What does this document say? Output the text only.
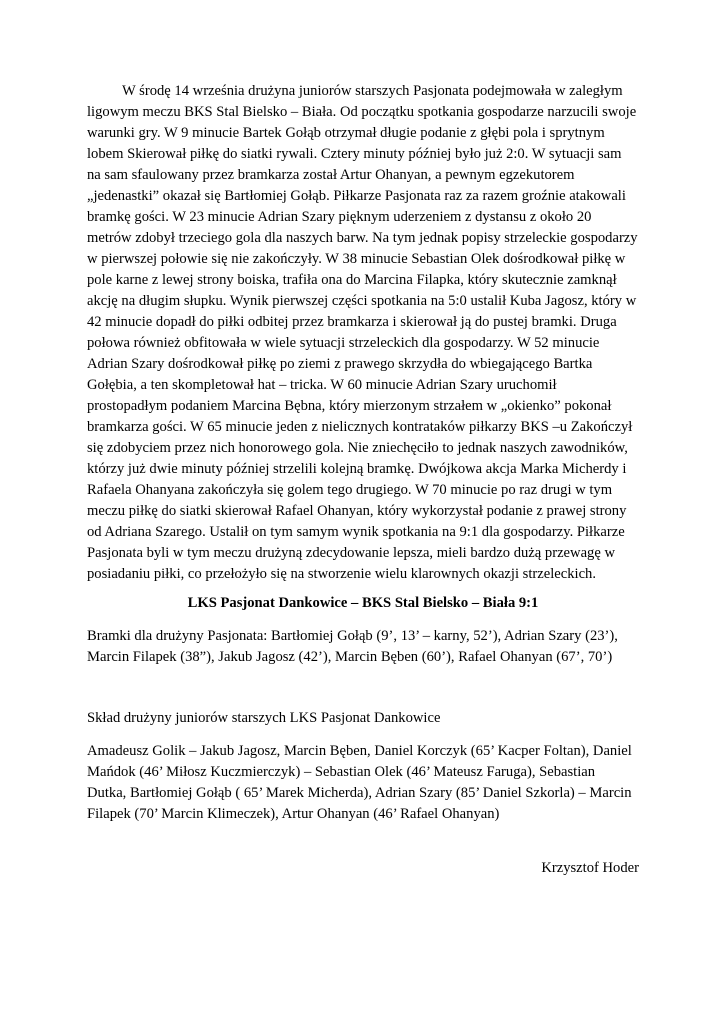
W środę 14 września drużyna juniorów starszych Pasjonata podejmowała w zaległym
ligowym meczu BKS Stal Bielsko – Biała. Od początku spotkania gospodarze narzucili swoje
warunki gry. W 9 minucie Bartek Gołąb otrzymał długie podanie z głębi pola i sprytnym
lobem Skierował piłkę do siatki rywali. Cztery minuty później było już 2:0. W sytuacji sam
na sam sfaulowany przez bramkarza został Artur Ohanyan, a pewnym egzekutorem
„jedenastki” okazał się Bartłomiej Gołąb. Piłkarze Pasjonata raz za razem groźnie atakowali
bramkę gości. W 23 minucie Adrian Szary pięknym uderzeniem z dystansu z około 20
metrów zdobył trzeciego gola dla naszych barw. Na tym jednak popisy strzeleckie gospodarzy
w pierwszej połowie się nie zakończyły. W 38 minucie Sebastian Olek dośrodkował piłkę w
pole karne z lewej strony boiska, trafiła ona do Marcina Filapka, który skutecznie zamknął
akcję na długim słupku. Wynik pierwszej części spotkania na 5:0 ustalił Kuba Jagosz, który w
42 minucie dopadł do piłki odbitej przez bramkarza i skierował ją do pustej bramki. Druga
połowa również obfitowała w wiele sytuacji strzeleckich dla gospodarzy. W 52 minucie
Adrian Szary dośrodkował piłkę po ziemi z prawego skrzydła do wbiegającego Bartka
Gołębia, a ten skompletował hat – tricka. W 60 minucie Adrian Szary uruchomił
prostopadłym podaniem Marcina Bębna, który mierzonym strzałem w „okienko” pokonał
bramkarza gości. W 65 minucie jeden z nielicznych kontrataków piłkarzy BKS –u Zakończył
się zdobyciem przez nich honorowego gola. Nie zniechęciło to jednak naszych zawodników,
którzy już dwie minuty później strzelili kolejną bramkę. Dwójkowa akcja Marka Micherdy i
Rafaela Ohanyana zakończyła się golem tego drugiego. W 70 minucie po raz drugi w tym
meczu piłkę do siatki skierował Rafael Ohanyan, który wykorzystał podanie z prawej strony
od Adriana Szarego. Ustalił on tym samym wynik spotkania na 9:1 dla gospodarzy. Piłkarze
Pasjonata byli w tym meczu drużyną zdecydowanie lepsza, mieli bardzo dużą przewagę w
posiadaniu piłki, co przełożyło się na stworzenie wielu klarownych okazji strzeleckich.

LKS Pasjonat Dankowice – BKS Stal Bielsko – Biała 9:1

Bramki dla drużyny Pasjonata: Bartłomiej Gołąb (9’, 13’ – karny, 52’), Adrian Szary (23’),
Marcin Filapek (38”), Jakub Jagosz (42’), Marcin Bęben (60’), Rafael Ohanyan (67’, 70’)

Skład drużyny juniorów starszych LKS Pasjonat Dankowice

Amadeusz Golik – Jakub Jagosz, Marcin Bęben, Daniel Korczyk (65’ Kacper Foltan), Daniel
Mańdok (46’ Miłosz Kuczmierczyk) – Sebastian Olek (46’ Mateusz Faruga), Sebastian
Dutka, Bartłomiej Gołąb ( 65’ Marek Micherda), Adrian Szary (85’ Daniel Szkorla) – Marcin
Filapek (70’ Marcin Klimeczek), Artur Ohanyan (46’ Rafael Ohanyan)

Krzysztof Hoder
